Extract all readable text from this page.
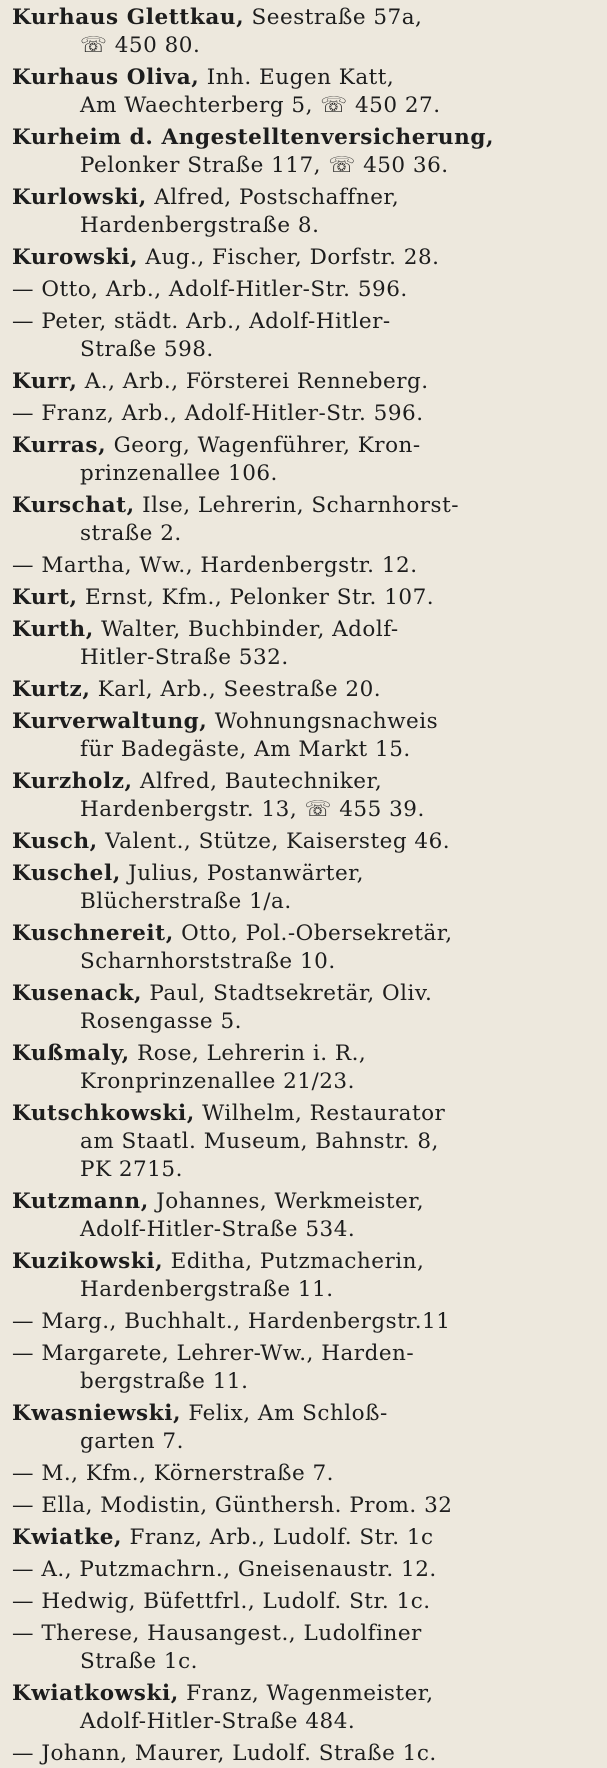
Kurhaus Glettkau, Seestraße 57a,
☏ 450 80.
Kurhaus Oliva, Inh. Eugen Katt,
Am Waechterberg 5, ☏ 450 27.
Kurheim d. Angestelltenversicherung,
Pelonker Straße 117, ☏ 450 36.
Kurlowski, Alfred, Postschaffner,
Hardenbergstraße 8.
Kurowski, Aug., Fischer, Dorfstr. 28.
— Otto, Arb., Adolf-Hitler-Str. 596.
— Peter, städt. Arb., Adolf-Hitler-
Straße 598.
Kurr, A., Arb., Försterei Renneberg.
— Franz, Arb., Adolf-Hitler-Str. 596.
Kurras, Georg, Wagenführer, Kron-
prinzenallee 106.
Kurschat, Ilse, Lehrerin, Scharnhorst-
straße 2.
— Martha, Ww., Hardenbergstr. 12.
Kurt, Ernst, Kfm., Pelonker Str. 107.
Kurth, Walter, Buchbinder, Adolf-
Hitler-Straße 532.
Kurtz, Karl, Arb., Seestraße 20.
Kurverwaltung, Wohnungsnachweis
für Badegäste, Am Markt 15.
Kurzholz, Alfred, Bautechniker,
Hardenbergstr. 13, ☏ 455 39.
Kusch, Valent., Stütze, Kaisersteg 46.
Kuschel, Julius, Postanwärter,
Blücherstraße 1/a.
Kuschnereit, Otto, Pol.-Obersekretär,
Scharnhorststraße 10.
Kusenack, Paul, Stadtsekretär, Oliv.
Rosengasse 5.
Kußmaly, Rose, Lehrerin i. R.,
Kronprinzenallee 21/23.
Kutschkowski, Wilhelm, Restaurator
am Staatl. Museum, Bahnstr. 8,
PK 2715.
Kutzmann, Johannes, Werkmeister,
Adolf-Hitler-Straße 534.
Kuzikowski, Editha, Putzmacherin,
Hardenbergstraße 11.
— Marg., Buchhalt., Hardenbergstr.11
— Margarete, Lehrer-Ww., Harden-
bergstraße 11.
Kwasniewski, Felix, Am Schloß-
garten 7.
— M., Kfm., Körnerstraße 7.
— Ella, Modistin, Günthersh. Prom. 32
Kwiatke, Franz, Arb., Ludolf. Str. 1c
— A., Putzmachrn., Gneisenaustr. 12.
— Hedwig, Büfettfrl., Ludolf. Str. 1c.
— Therese, Hausangest., Ludolfiner
Straße 1c.
Kwiatkowski, Franz, Wagenmeister,
Adolf-Hitler-Straße 484.
— Johann, Maurer, Ludolf. Straße 1c.
